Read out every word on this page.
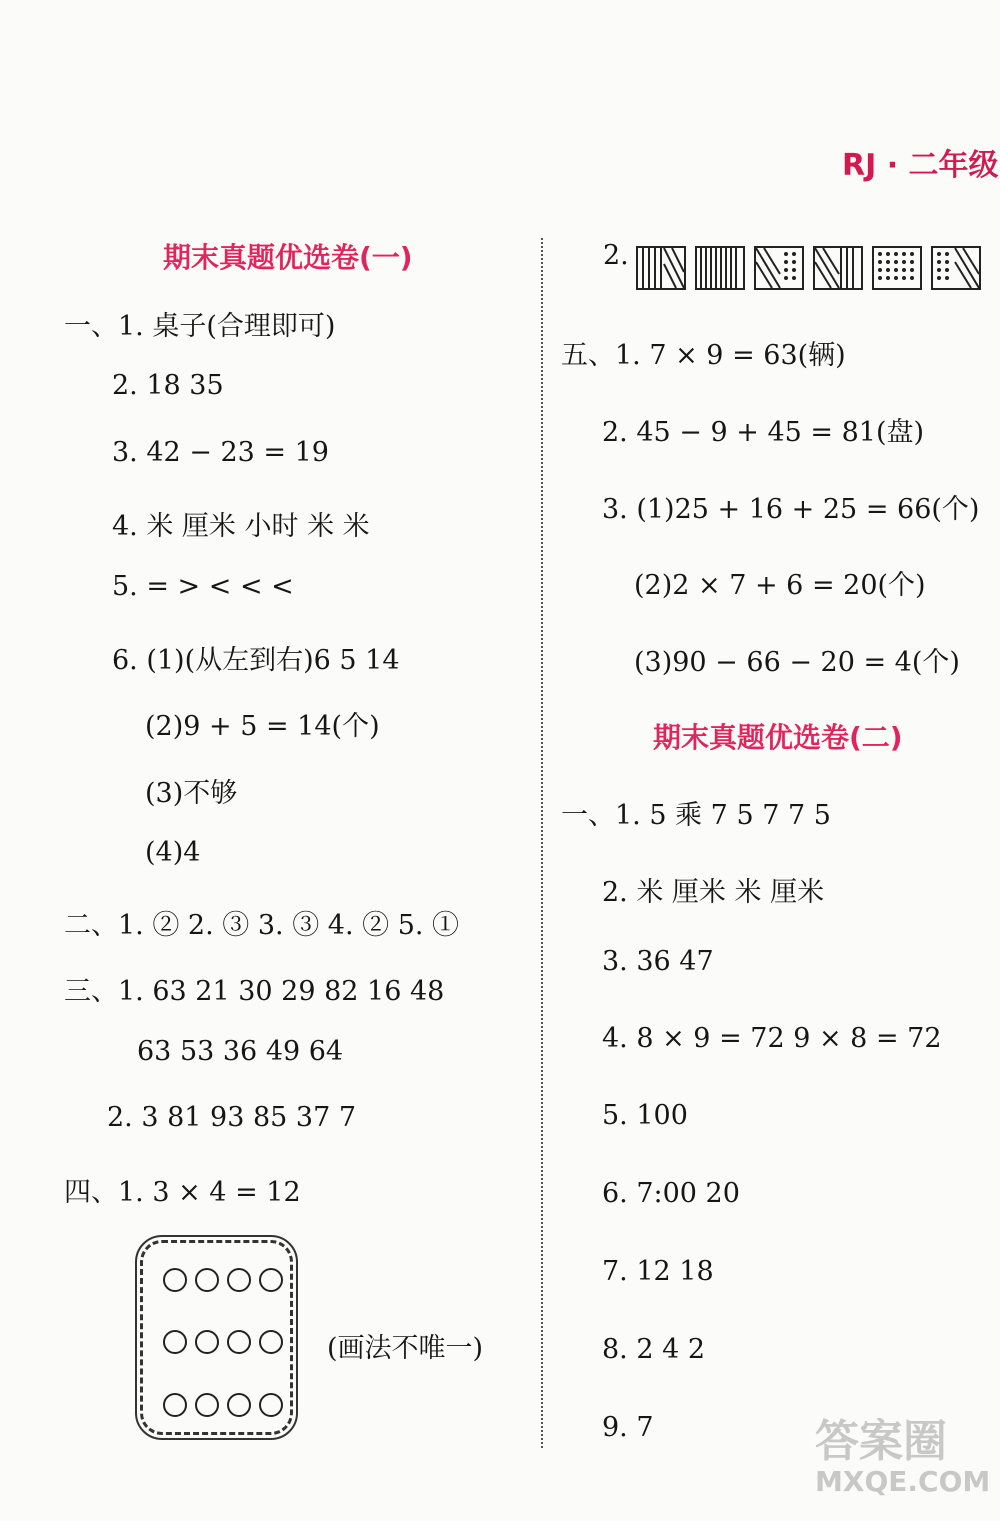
RJ · 二年级
期末真题优选卷(一)
一、1. 桌子(合理即可)
2. 18 35
3. 42 − 23 = 19
4. 米 厘米 小时 米 米
5. = > < < <
6. (1)(从左到右)6 5 14
(2)9 + 5 = 14(个)
(3)不够
(4)4
二、1. ② 2. ③ 3. ③ 4. ② 5. ①
三、1. 63 21 30 29 82 16 48
63 53 36 49 64
2. 3 81 93 85 37 7
四、1. 3 × 4 = 12
(画法不唯一)
2.
五、1. 7 × 9 = 63(辆)
2. 45 − 9 + 45 = 81(盘)
3. (1)25 + 16 + 25 = 66(个)
(2)2 × 7 + 6 = 20(个)
(3)90 − 66 − 20 = 4(个)
期末真题优选卷(二)
一、1. 5 乘 7 5 7 7 5
2. 米 厘米 米 厘米
3. 36 47
4. 8 × 9 = 72 9 × 8 = 72
5. 100
6. 7:00 20
7. 12 18
8. 2 4 2
9. 7	答案圈
MXQE.COM
